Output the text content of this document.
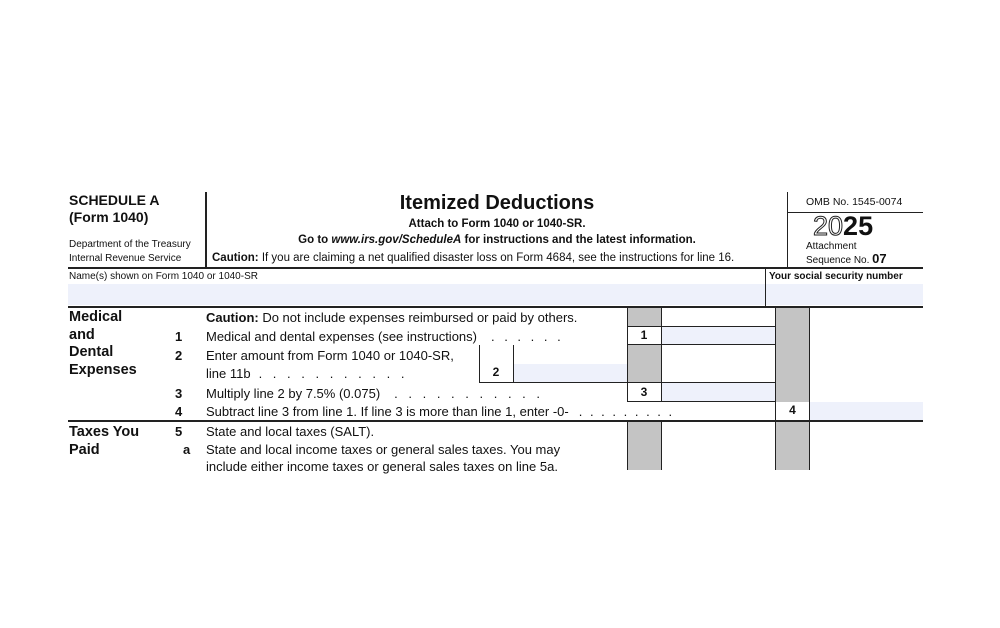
SCHEDULE A
(Form 1040)
Department of the Treasury
Internal Revenue Service
Itemized Deductions
Attach to Form 1040 or 1040-SR.
Go to www.irs.gov/ScheduleA for instructions and the latest information.
Caution: If you are claiming a net qualified disaster loss on Form 4684, see the instructions for line 16.
OMB No. 1545-0074
2025
Attachment
Sequence No. 07
Name(s) shown on Form 1040 or 1040-SR	Your social security number
Medical
and
Dental
Expenses
Caution: Do not include expenses reimbursed or paid by others.
1 Medical and dental expenses (see instructions) . . . . . .	1
2 Enter amount from Form 1040 or 1040-SR,
line 11b . . . . . . . . . . .	2
3 Multiply line 2 by 7.5% (0.075) . . . . . . . . . . .	3
4 Subtract line 3 from line 1. If line 3 is more than line 1, enter -0- . . . . . . . . .	4
Taxes You
Paid
5 State and local taxes (SALT).
a State and local income taxes or general sales taxes. You may
include either income taxes or general sales taxes on line 5a.
